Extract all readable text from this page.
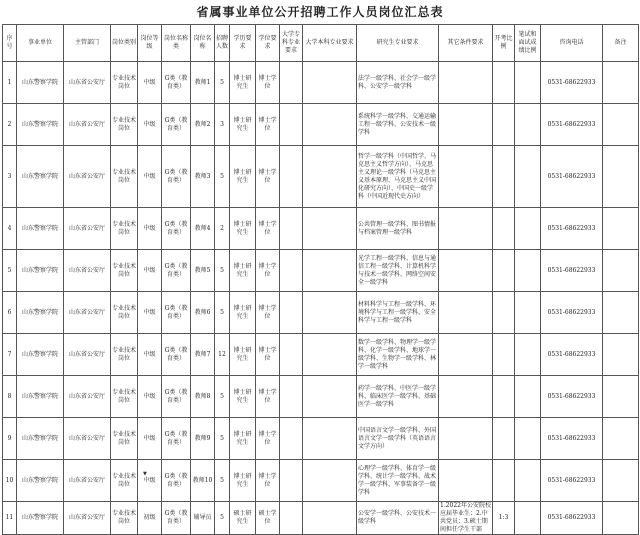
省属事业单位公开招聘工作人员岗位汇总表
序号	事业单位	主管部门	岗位类别	岗位等级	岗位名称类	岗位名称	招聘人数	学历要求	学位要求	大学专科专业要求	大学本科专业要求	研究生专业要求	其它条件要求	开考比例	笔试和面试成绩比例	咨询电话	备注
1	山东警察学院	山东省公安厅	专业技术岗位	中级	G类（教育类）	教师1	5	博士研究生	博士学位			法学一级学科、社会学一级学科、公安学一级学科				0531-68622933	
2	山东警察学院	山东省公安厅	专业技术岗位	中级	G类（教育类）	教师2	3	博士研究生	博士学位			系统科学一级学科、交通运输工程一级学科、公安技术一级学科				0531-68622933	
3	山东警察学院	山东省公安厅	专业技术岗位	中级	G类（教育类）	教师3	5	博士研究生	博士学位			哲学一级学科（中国哲学、马克思主义哲学方向）、马克思主义理论一级学科（马克思主义基本原理、马克思主义中国化研究方向）、中国史一级学科（中国近现代史方向）				0531-68622933	
4	山东警察学院	山东省公安厅	专业技术岗位	中级	G类（教育类）	教师4	2	博士研究生	博士学位			公共管理一级学科、图书情报与档案管理一级学科				0531-68622933	
5	山东警察学院	山东省公安厅	专业技术岗位	中级	G类（教育类）	教师5	5	博士研究生	博士学位			光学工程一级学科、信息与通信工程一级学科、计算机科学与技术一级学科、网络空间安全一级学科				0531-68622933	
6	山东警察学院	山东省公安厅	专业技术岗位	中级	G类（教育类）	教师6	5	博士研究生	博士学位			材料科学与工程一级学科、环境科学与工程一级学科、安全科学与工程一级学科				0531-68622933	
7	山东警察学院	山东省公安厅	专业技术岗位	中级	G类（教育类）	教师7	12	博士研究生	博士学位			数学一级学科、物理学一级学科、化学一级学科、地球学一级学科、生物学一级学科、林学一级学科				0531-68622933	
8	山东警察学院	山东省公安厅	专业技术岗位	中级	G类（教育类）	教师8	5	博士研究生	博士学位			药学一级学科、中医学一级学科、临床医学一级学科、基础医学一级学科				0531-68622933	
9	山东警察学院	山东省公安厅	专业技术岗位	中级	G类（教育类）	教师9	5	博士研究生	博士学位			中国语言文学一级学科、外国语言文学一级学科（英语语言文学方向）				0531-68622933	
10	山东警察学院	山东省公安厅	专业技术岗位	中级	G类（教育类）	教师10	5	博士研究生	博士学位			心理学一级学科、体育学一级学科、统计学一级学科、战术学一级学科、军事装备学一级学科				0531-68622933	
11	山东警察学院	山东省公安厅	专业技术岗位	初级	G类（教育类）	辅导员	5	硕士研究生	硕士学位			公安学一级学科、公安技术一级学科	1.2022年公安院校应届毕业生；2.中共党员；3.硕士期间担任学生干部	1:3		0531-68622933	
▼
